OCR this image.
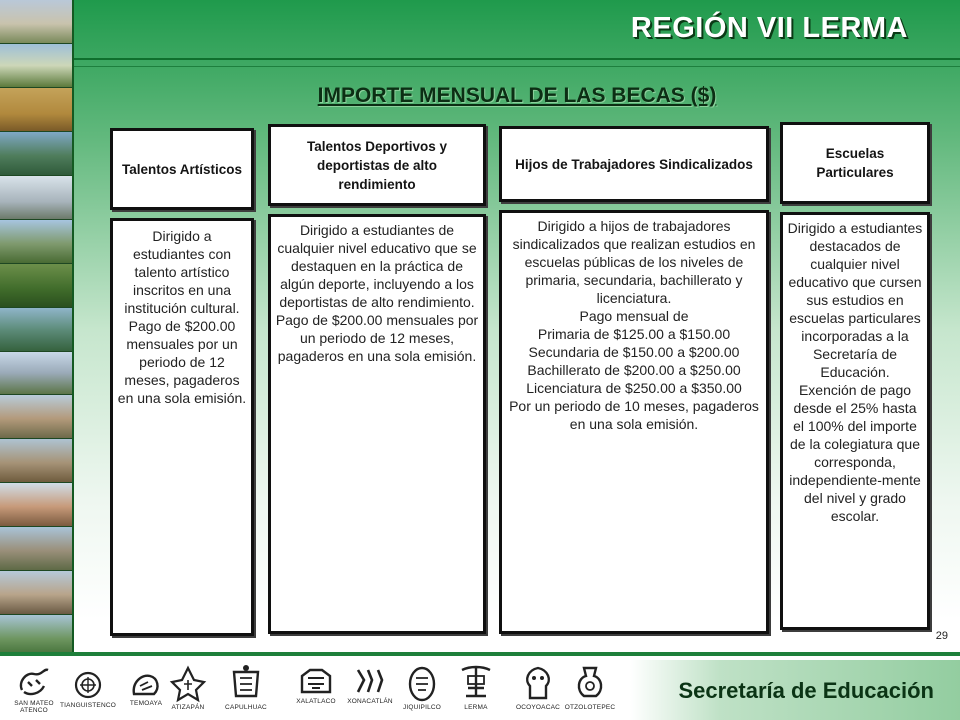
REGIÓN VII LERMA
IMPORTE MENSUAL DE LAS BECAS ($)
Talentos Artísticos
Dirigido a estudiantes con talento artístico inscritos en una institución cultural.
Pago de $200.00 mensuales por un periodo de 12 meses, pagaderos en una sola emisión.
Talentos Deportivos y deportistas de alto rendimiento
Dirigido a estudiantes de cualquier nivel educativo que se destaquen en la práctica de algún deporte, incluyendo a los deportistas de alto rendimiento.
Pago de $200.00 mensuales por un periodo de 12 meses, pagaderos en una sola emisión.
Hijos de Trabajadores Sindicalizados
Dirigido a hijos de trabajadores sindicalizados que realizan estudios en escuelas públicas de los niveles de primaria, secundaria, bachillerato y licenciatura.
Pago mensual de
Primaria de $125.00 a $150.00
Secundaria de $150.00 a $200.00
Bachillerato de $200.00 a $250.00
Licenciatura de $250.00 a $350.00
Por un periodo de 10 meses, pagaderos en una sola emisión.
Escuelas Particulares
Dirigido a estudiantes destacados de cualquier nivel educativo que cursen sus estudios en escuelas particulares incorporadas a la Secretaría de Educación.
Exención de pago desde el 25% hasta el 100% del importe de la colegiatura que corresponda, independiente-mente del nivel y grado escolar.
29
SAN MATEO ATENCO
TIANGUISTENCO	TEMOAYA
ATIZAPÁN	CAPULHUAC
XALATLACO	XONACATLÁN
JIQUIPILCO	LERMA	OCOYOACAC OTZOLOTEPEC
Secretaría de Educación
